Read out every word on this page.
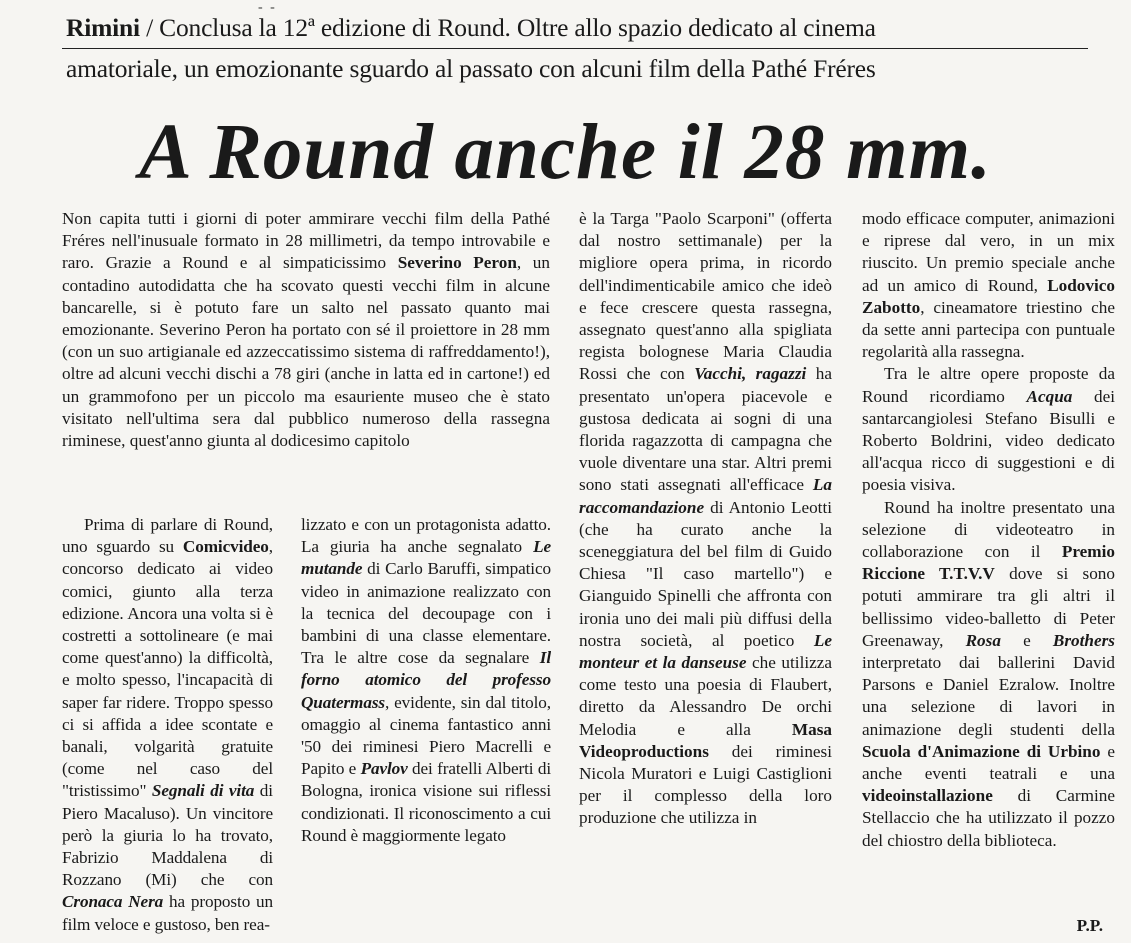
- -
Rimini / Conclusa la 12ª edizione di Round. Oltre allo spazio dedicato al cinema
amatoriale, un emozionante sguardo al passato con alcuni film della Pathé Fréres
A Round anche il 28 mm.

Non capita tutti i giorni di poter ammirare vecchi film della Pathé Fréres nell'inusuale formato in 28 millimetri, da tempo introvabile e raro. Grazie a Round e al simpaticissimo Severino Peron, un contadino autodidatta che ha scovato questi vecchi film in alcune bancarelle, si è potuto fare un salto nel passato quanto mai emozionante. Severino Peron ha portato con sé il proiettore in 28 mm (con un suo artigianale ed azzeccatissimo sistema di raffreddamento!), oltre ad alcuni vecchi dischi a 78 giri (anche in latta ed in cartone!) ed un grammofono per un piccolo ma esauriente museo che è stato visitato nell'ultima sera dal pubblico numeroso della rassegna riminese, quest'anno giunta al dodicesimo capitolo

Prima di parlare di Round, uno sguardo su Comicvideo, concorso dedicato ai video comici, giunto alla terza edizione. Ancora una volta si è costretti a sottolineare (e mai come quest'anno) la difficoltà, e molto spesso, l'incapacità di saper far ridere. Troppo spesso ci si affida a idee scontate e banali, volgarità gratuite (come nel caso del "tristissimo" Segnali di vita di Piero Macaluso). Un vincitore però la giuria lo ha trovato, Fabrizio Maddalena di Rozzano (Mi) che con Cronaca Nera ha proposto un film veloce e gustoso, ben rea-

lizzato e con un protagonista adatto. La giuria ha anche segnalato Le mutande di Carlo Baruffi, simpatico video in animazione realizzato con la tecnica del decoupage con i bambini di una classe elementare. Tra le altre cose da segnalare Il forno atomico del professo Quatermass, evidente, sin dal titolo, omaggio al cinema fantastico anni '50 dei riminesi Piero Macrelli e Papito e Pavlov dei fratelli Alberti di Bologna, ironica visione sui riflessi condizionati. Il riconoscimento a cui Round è maggiormente legato

è la Targa "Paolo Scarponi" (offerta dal nostro settimanale) per la migliore opera prima, in ricordo dell'indimenticabile amico che ideò e fece crescere questa rassegna, assegnato quest'anno alla spigliata regista bolognese Maria Claudia Rossi che con Vacchi, ragazzi ha presentato un'opera piacevole e gustosa dedicata ai sogni di una florida ragazzotta di campagna che vuole diventare una star. Altri premi sono stati assegnati all'efficace La raccomandazione di Antonio Leotti (che ha curato anche la sceneggiatura del bel film di Guido Chiesa "Il caso martello") e Gianguido Spinelli che affronta con ironia uno dei mali più diffusi della nostra società, al poetico Le monteur et la danseuse che utilizza come testo una poesia di Flaubert, diretto da Alessandro De orchi Melodia e alla Masa Videoproductions dei riminesi Nicola Muratori e Luigi Castiglioni per il complesso della loro produzione che utilizza in

modo efficace computer, animazioni e riprese dal vero, in un mix riuscito. Un premio speciale anche ad un amico di Round, Lodovico Zabotto, cineamatore triestino che da sette anni partecipa con puntuale regolarità alla rassegna.

Tra le altre opere proposte da Round ricordiamo Acqua dei santarcangiolesi Stefano Bisulli e Roberto Boldrini, video dedicato all'acqua ricco di suggestioni e di poesia visiva.

Round ha inoltre presentato una selezione di videoteatro in collaborazione con il Premio Riccione T.T.V.V dove si sono potuti ammirare tra gli altri il bellissimo video-balletto di Peter Greenaway, Rosa e Brothers interpretato dai ballerini David Parsons e Daniel Ezralow. Inoltre una selezione di lavori in animazione degli studenti della Scuola d'Animazione di Urbino e anche eventi teatrali e una videoinstallazione di Carmine Stellaccio che ha utilizzato il pozzo del chiostro della biblioteca.

P.P.
